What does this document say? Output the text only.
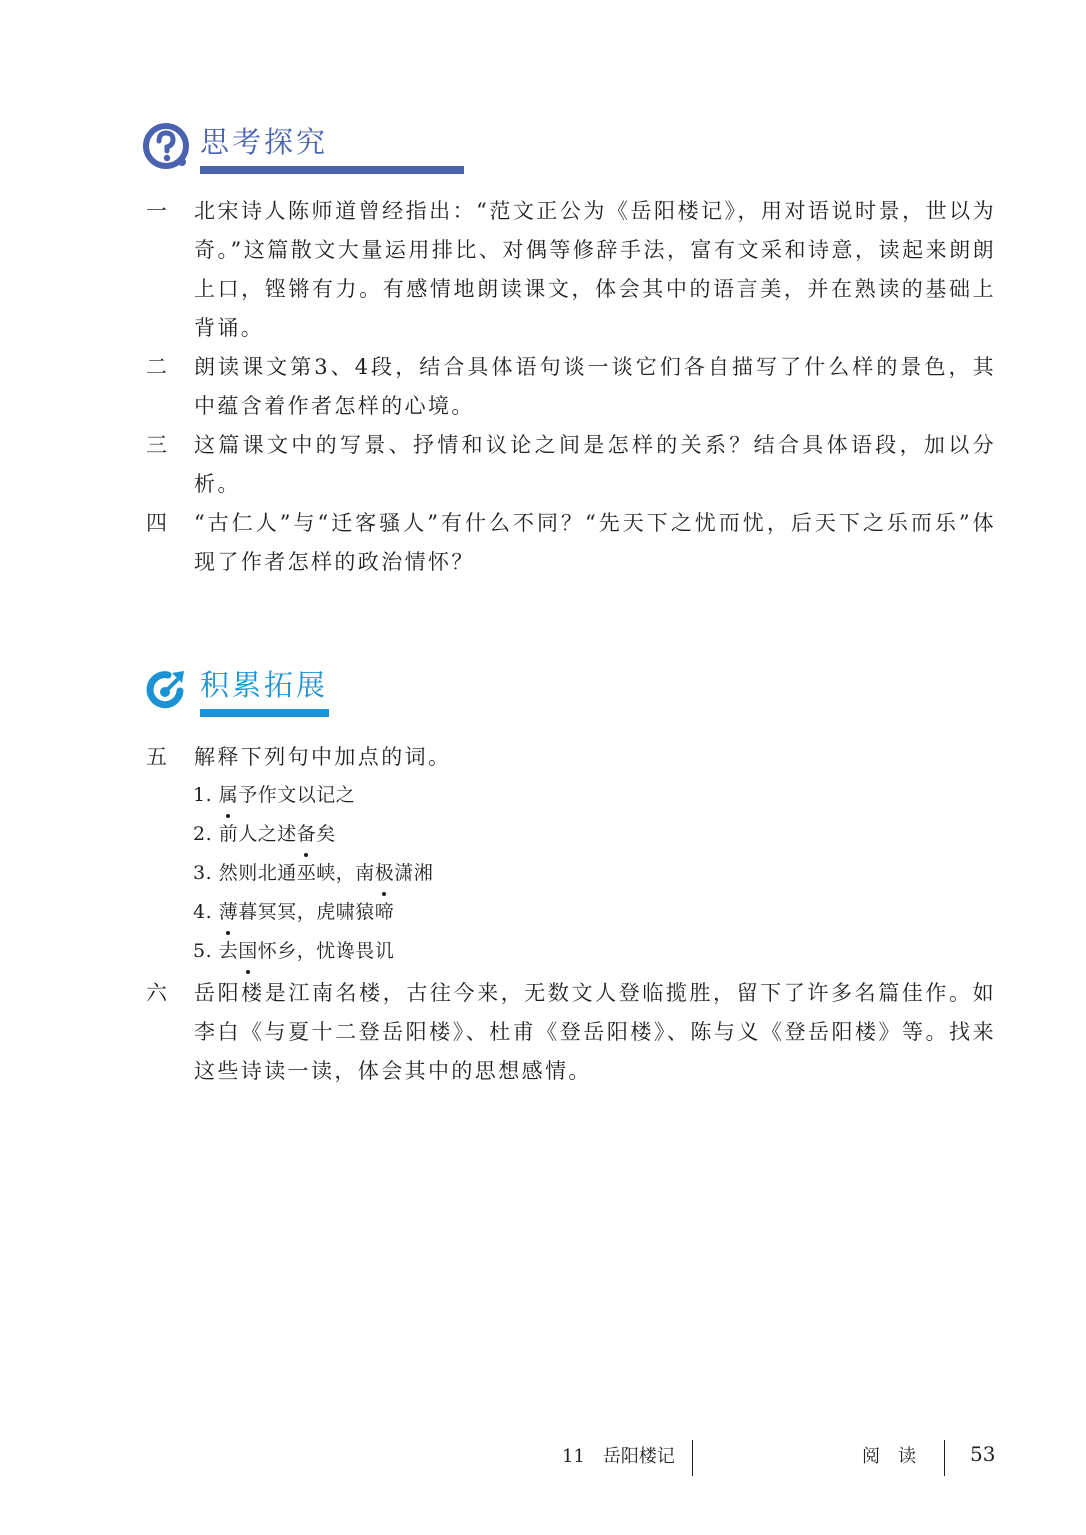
思考探究
一	北宋诗人陈师道曾经指出：“范文正公为《岳阳楼记》，用对语说时景，世以为奇。”这篇散文大量运用排比、对偶等修辞手法，富有文采和诗意，读起来朗朗上口，铿锵有力。有感情地朗读课文，体会其中的语言美，并在熟读的基础上背诵。
二	朗读课文第3、4段，结合具体语句谈一谈它们各自描写了什么样的景色，其中蕴含着作者怎样的心境。
三	这篇课文中的写景、抒情和议论之间是怎样的关系？结合具体语段，加以分析。
四	“古仁人”与“迁客骚人”有什么不同？“先天下之忧而忧，后天下之乐而乐”体现了作者怎样的政治情怀？
积累拓展
五	解释下列句中加点的词。
1. 属予作文以记之
2. 前人之述备矣
3. 然则北通巫峡，南极潇湘
4. 薄暮冥冥，虎啸猿啼
5. 去国怀乡，忧谗畏讥
六	岳阳楼是江南名楼，古往今来，无数文人登临揽胜，留下了许多名篇佳作。如李白《与夏十二登岳阳楼》、杜甫《登岳阳楼》、陈与义《登岳阳楼》等。找来这些诗读一读，体会其中的思想感情。
11　岳阳楼记	阅　读	53
